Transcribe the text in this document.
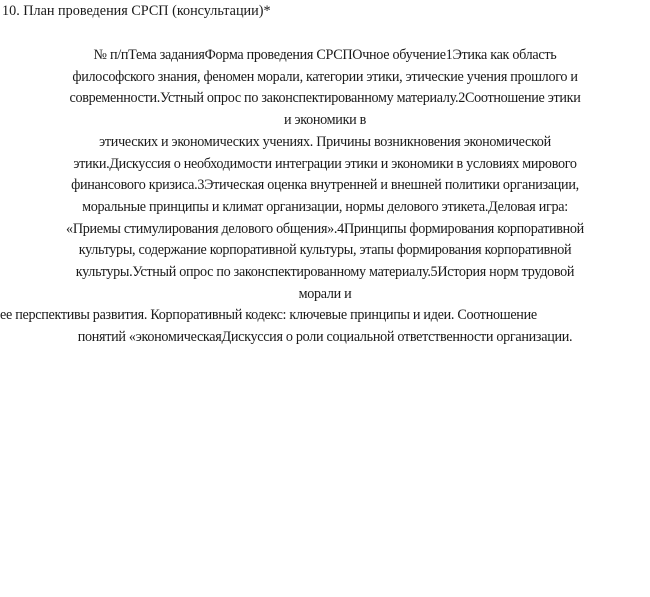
10. План проведения СРСП (консультации)*

№ п/пТема заданияФорма проведения СРСПОчное обучение1Этика как область

философского знания, феномен морали, категории этики, этические учения прошлого и

современности.Устный опрос по законспектированному материалу.2Соотношение этики

и экономики в

этических и экономических учениях. Причины возникновения экономической

этики.Дискуссия о необходимости интеграции этики и экономики в условиях мирового

финансового кризиса.3Этическая оценка внутренней и внешней политики организации,

моральные принципы и климат организации, нормы делового этикета.Деловая игра:

«Приемы стимулирования делового общения».4Принципы формирования корпоративной

культуры, содержание корпоративной культуры, этапы формирования корпоративной

культуры.Устный опрос по законспектированному материалу.5История норм трудовой

морали и

ее перспективы развития. Корпоративный кодекс: ключевые принципы и идеи. Соотношение

понятий «экономическаяДискуссия о роли социальной ответственности организации.
